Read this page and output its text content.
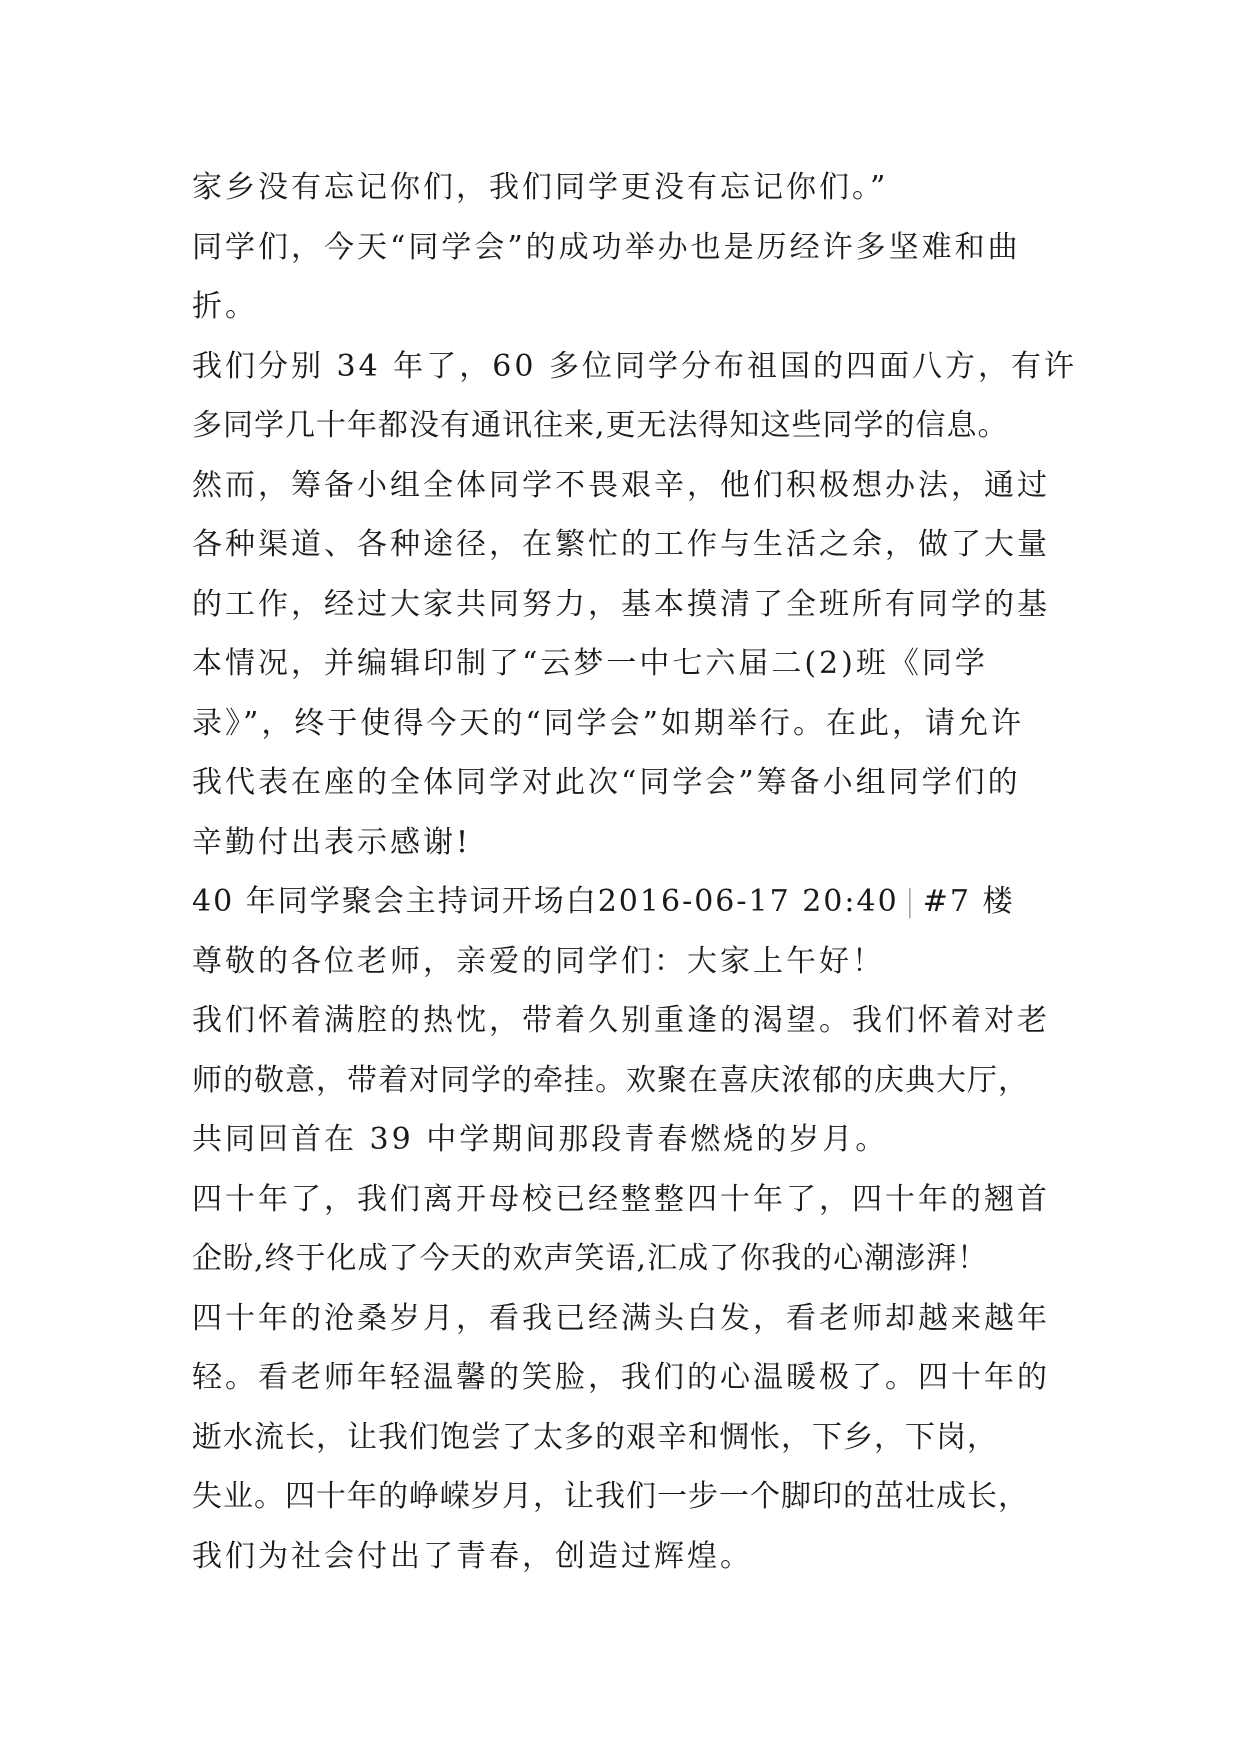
家乡没有忘记你们，我们同学更没有忘记你们。”
同学们，今天“同学会”的成功举办也是历经许多坚难和曲
折。
我们分别 34 年了，60 多位同学分布祖国的四面八方，有许
多同学几十年都没有通讯往来,更无法得知这些同学的信息。
然而，筹备小组全体同学不畏艰辛，他们积极想办法，通过
各种渠道、各种途径，在繁忙的工作与生活之余，做了大量
的工作，经过大家共同努力，基本摸清了全班所有同学的基
本情况，并编辑印制了“云梦一中七六届二(2)班《同学
录》”，终于使得今天的“同学会”如期举行。在此，请允许
我代表在座的全体同学对此次“同学会”筹备小组同学们的
辛勤付出表示感谢!
40 年同学聚会主持词开场白2016-06-17 20:40 | #7 楼
尊敬的各位老师，亲爱的同学们：大家上午好！
我们怀着满腔的热忱，带着久别重逢的渴望。我们怀着对老
师的敬意，带着对同学的牵挂。欢聚在喜庆浓郁的庆典大厅，
共同回首在 39 中学期间那段青春燃烧的岁月。
四十年了，我们离开母校已经整整四十年了，四十年的翘首
企盼,终于化成了今天的欢声笑语,汇成了你我的心潮澎湃！
四十年的沧桑岁月，看我已经满头白发，看老师却越来越年
轻。看老师年轻温馨的笑脸，我们的心温暖极了。四十年的
逝水流长，让我们饱尝了太多的艰辛和惆怅，下乡，下岗，
失业。四十年的峥嵘岁月，让我们一步一个脚印的茁壮成长，
我们为社会付出了青春，创造过辉煌。
